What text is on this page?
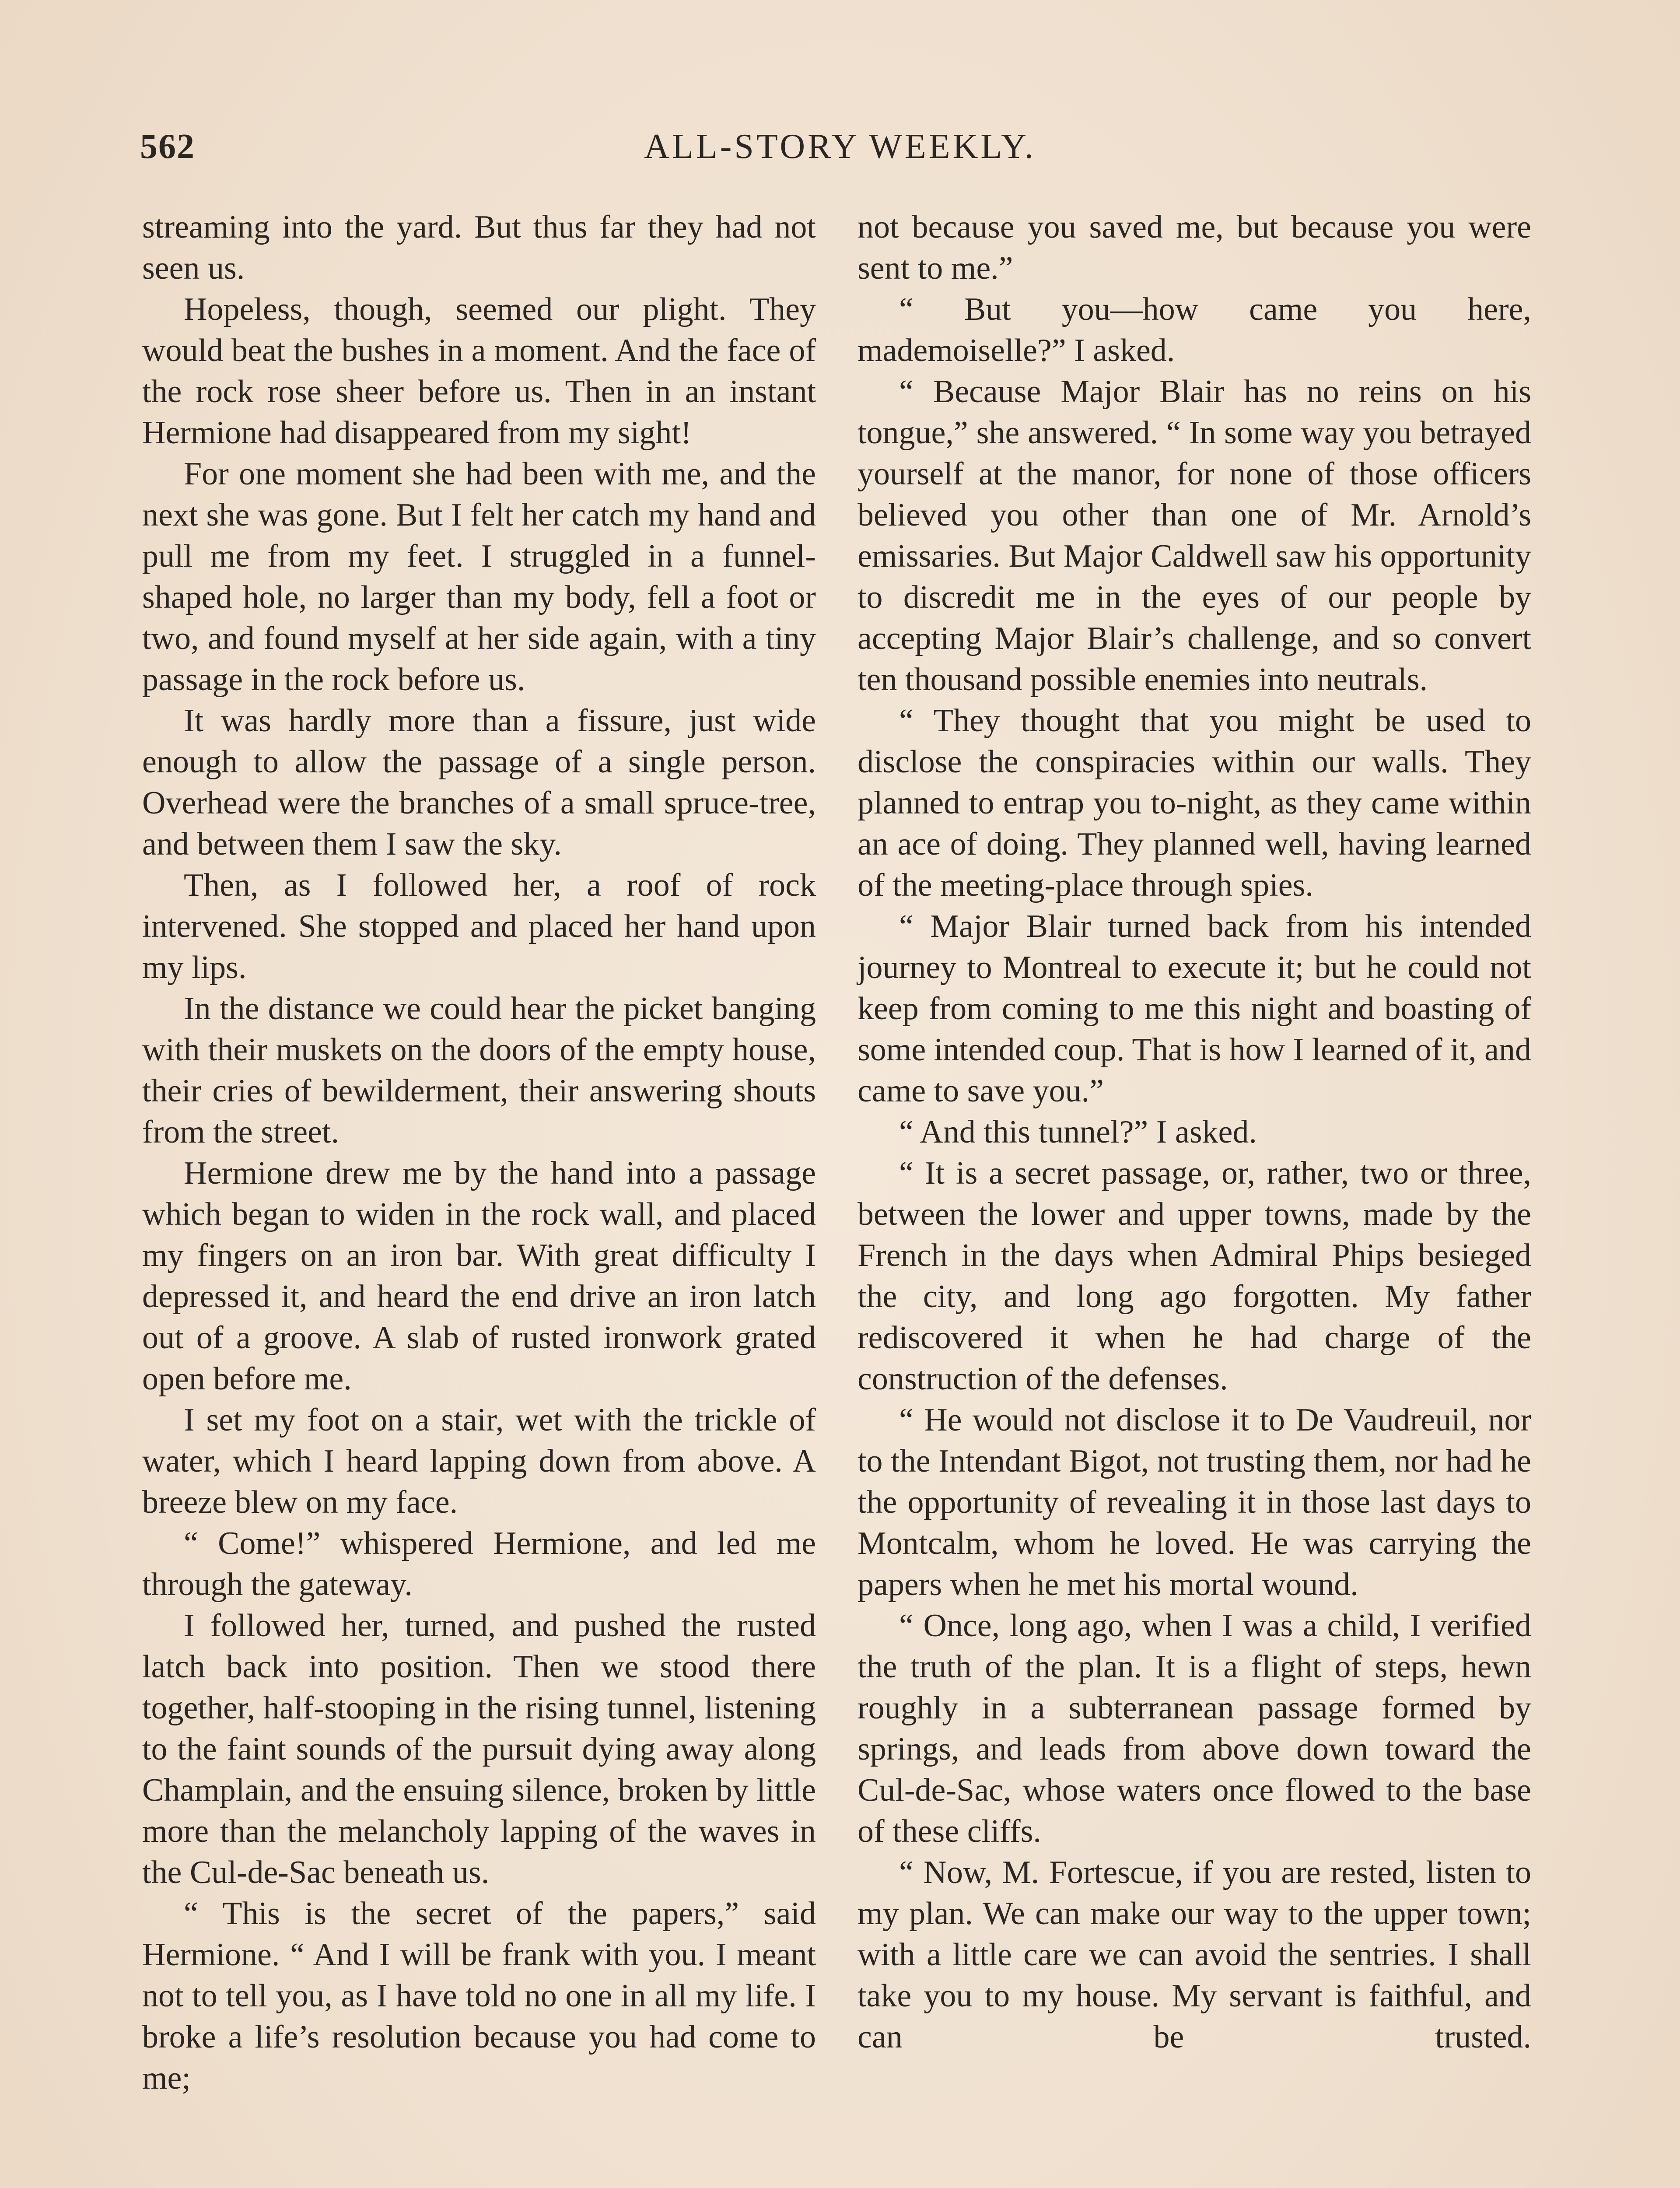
562	ALL-STORY WEEKLY.

streaming into the yard. But thus far they had not seen us.

Hopeless, though, seemed our plight. They would beat the bushes in a moment. And the face of the rock rose sheer before us. Then in an instant Hermione had disappeared from my sight!

For one moment she had been with me, and the next she was gone. But I felt her catch my hand and pull me from my feet. I struggled in a funnel-shaped hole, no larger than my body, fell a foot or two, and found myself at her side again, with a tiny passage in the rock before us.

It was hardly more than a fissure, just wide enough to allow the passage of a single person. Overhead were the branches of a small spruce-tree, and between them I saw the sky.

Then, as I followed her, a roof of rock intervened. She stopped and placed her hand upon my lips.

In the distance we could hear the picket banging with their muskets on the doors of the empty house, their cries of bewilderment, their answering shouts from the street.

Hermione drew me by the hand into a passage which began to widen in the rock wall, and placed my fingers on an iron bar. With great difficulty I depressed it, and heard the end drive an iron latch out of a groove. A slab of rusted ironwork grated open before me.

I set my foot on a stair, wet with the trickle of water, which I heard lapping down from above. A breeze blew on my face.

“ Come!” whispered Hermione, and led me through the gateway.

I followed her, turned, and pushed the rusted latch back into position. Then we stood there together, half-stooping in the rising tunnel, listening to the faint sounds of the pursuit dying away along Champlain, and the ensuing silence, broken by little more than the melancholy lapping of the waves in the Cul-de-Sac beneath us.

“ This is the secret of the papers,” said Hermione. “ And I will be frank with you. I meant not to tell you, as I have told no one in all my life. I broke a life’s resolution because you had come to me;

not because you saved me, but because you were sent to me.”

“ But you—how came you here, mademoiselle?” I asked.

“ Because Major Blair has no reins on his tongue,” she answered. “ In some way you betrayed yourself at the manor, for none of those officers believed you other than one of Mr. Arnold’s emissaries. But Major Caldwell saw his opportunity to discredit me in the eyes of our people by accepting Major Blair’s challenge, and so convert ten thousand possible enemies into neutrals.

“ They thought that you might be used to disclose the conspiracies within our walls. They planned to entrap you to-night, as they came within an ace of doing. They planned well, having learned of the meeting-place through spies.

“ Major Blair turned back from his intended journey to Montreal to execute it; but he could not keep from coming to me this night and boasting of some intended coup. That is how I learned of it, and came to save you.”

“ And this tunnel?” I asked.

“ It is a secret passage, or, rather, two or three, between the lower and upper towns, made by the French in the days when Admiral Phips besieged the city, and long ago forgotten. My father rediscovered it when he had charge of the construction of the defenses.

“ He would not disclose it to De Vaudreuil, nor to the Intendant Bigot, not trusting them, nor had he the opportunity of revealing it in those last days to Montcalm, whom he loved. He was carrying the papers when he met his mortal wound.

“ Once, long ago, when I was a child, I verified the truth of the plan. It is a flight of steps, hewn roughly in a subterranean passage formed by springs, and leads from above down toward the Cul-de-Sac, whose waters once flowed to the base of these cliffs.

“ Now, M. Fortescue, if you are rested, listen to my plan. We can make our way to the upper town; with a little care we can avoid the sentries. I shall take you to my house. My servant is faithful, and can be trusted.
